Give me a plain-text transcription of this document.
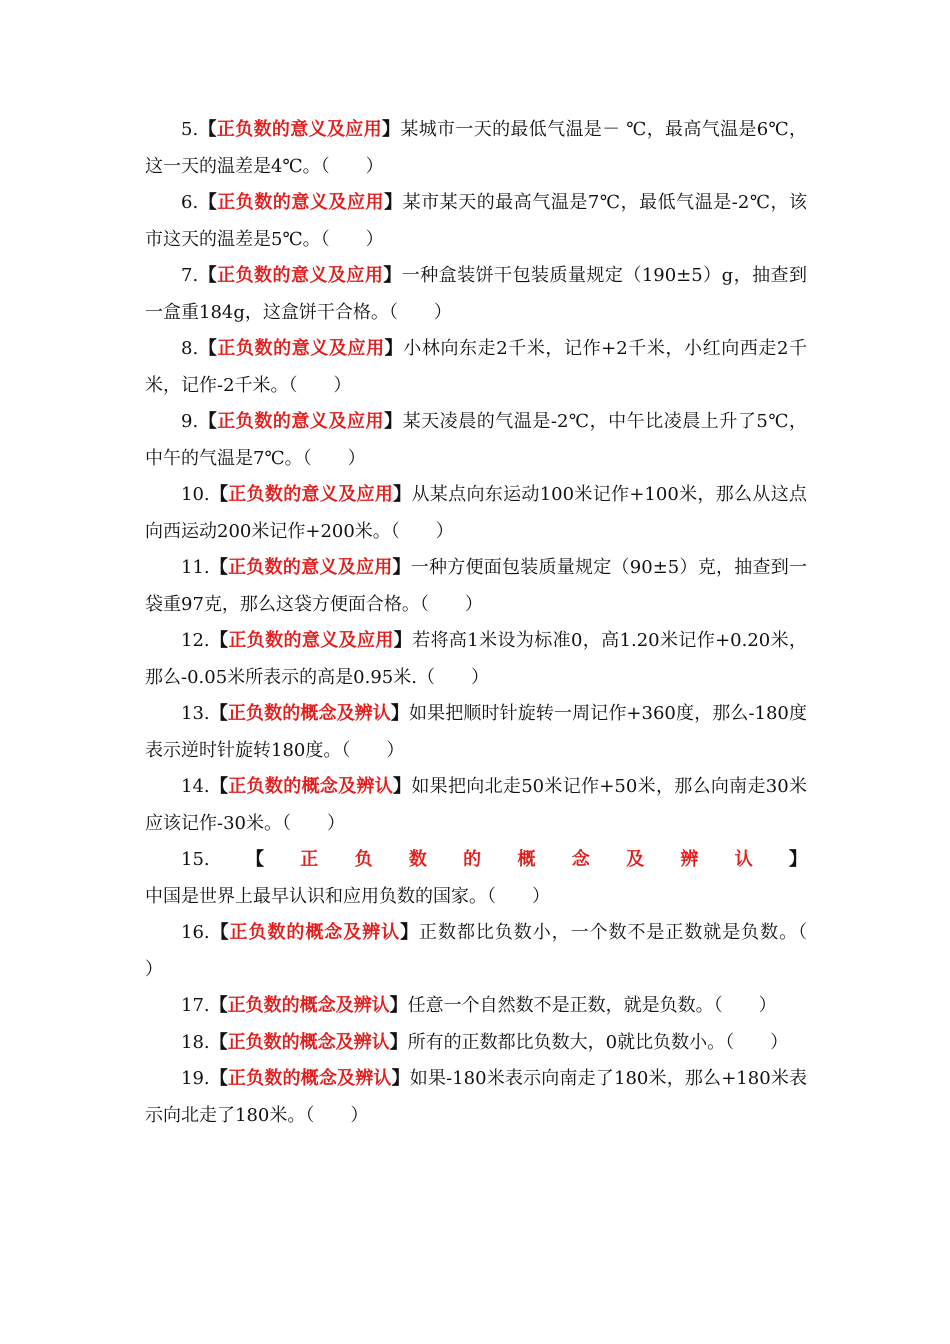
5.【正负数的意义及应用】某城市一天的最低气温是－ ℃，最高气温是6℃，这一天的温差是4℃。（　　）

6.【正负数的意义及应用】某市某天的最高气温是7℃，最低气温是-2℃，该市这天的温差是5℃。（　　）

7.【正负数的意义及应用】一种盒装饼干包装质量规定（190±5）g，抽查到一盒重184g，这盒饼干合格。（　　）

8.【正负数的意义及应用】小林向东走2千米，记作+2千米，小红向西走2千米，记作-2千米。（　　）

9.【正负数的意义及应用】某天凌晨的气温是-2℃，中午比凌晨上升了5℃，中午的气温是7℃。（　　）

10.【正负数的意义及应用】从某点向东运动100米记作+100米，那么从这点向西运动200米记作+200米。（　　）

11.【正负数的意义及应用】一种方便面包装质量规定（90±5）克，抽查到一袋重97克，那么这袋方便面合格。（　　）

12.【正负数的意义及应用】若将高1米设为标准0，高1.20米记作+0.20米，那么-0.05米所表示的高是0.95米.（　　）

13.【正负数的概念及辨认】如果把顺时针旋转一周记作+360度，那么-180度表示逆时针旋转180度。（　　）

14.【正负数的概念及辨认】如果把向北走50米记作+50米，那么向南走30米应该记作-30米。（　　）

15.【正负数的概念及辨认】中国是世界上最早认识和应用负数的国家。（　　）

16.【正负数的概念及辨认】正数都比负数小，一个数不是正数就是负数。（　　）

17.【正负数的概念及辨认】任意一个自然数不是正数，就是负数。（　　）

18.【正负数的概念及辨认】所有的正数都比负数大，0就比负数小。（　　）

19.【正负数的概念及辨认】如果-180米表示向南走了180米，那么+180米表示向北走了180米。（　　）
